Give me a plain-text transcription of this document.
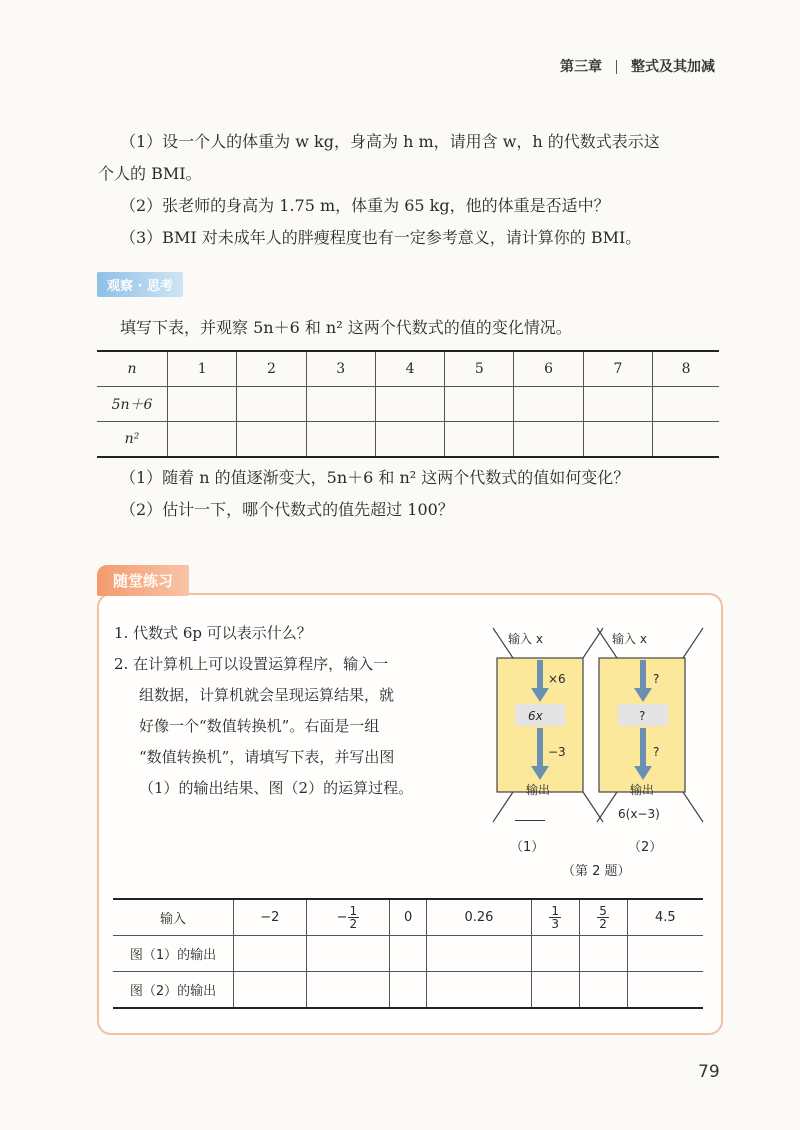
第三章 整式及其加减
（1）设一个人的体重为 w kg，身高为 h m，请用含 w，h 的代数式表示这
个人的 BMI。
（2）张老师的身高为 1.75 m，体重为 65 kg，他的体重是否适中？
（3）BMI 对未成年人的胖瘦程度也有一定参考意义，请计算你的 BMI。
观察 · 思考
填写下表，并观察 5n＋6 和 n² 这两个代数式的值的变化情况。
n	1	2	3	4	5	6	7	8
5n＋6								
n²								
（1）随着 n 的值逐渐变大，5n＋6 和 n² 这两个代数式的值如何变化？
（2）估计一下，哪个代数式的值先超过 100？
随堂练习
1. 代数式 6p 可以表示什么？
2. 在计算机上可以设置运算程序，输入一
组数据，计算机就会呈现运算结果，就
好像一个“数值转换机”。右面是一组
“数值转换机”，请填写下表，并写出图
（1）的输出结果、图（2）的运算过程。
输入 x
×6
6x
−3
输出
（1）
输入 x
?
?
?
输出
6(x−3)
（2）
（第 2 题）
输入	−2	− $\frac{1}{2}$	0	0.26	$\frac{1}{3}$	$\frac{5}{2}$	4.5
图（1）的输出							
图（2）的输出							
79
